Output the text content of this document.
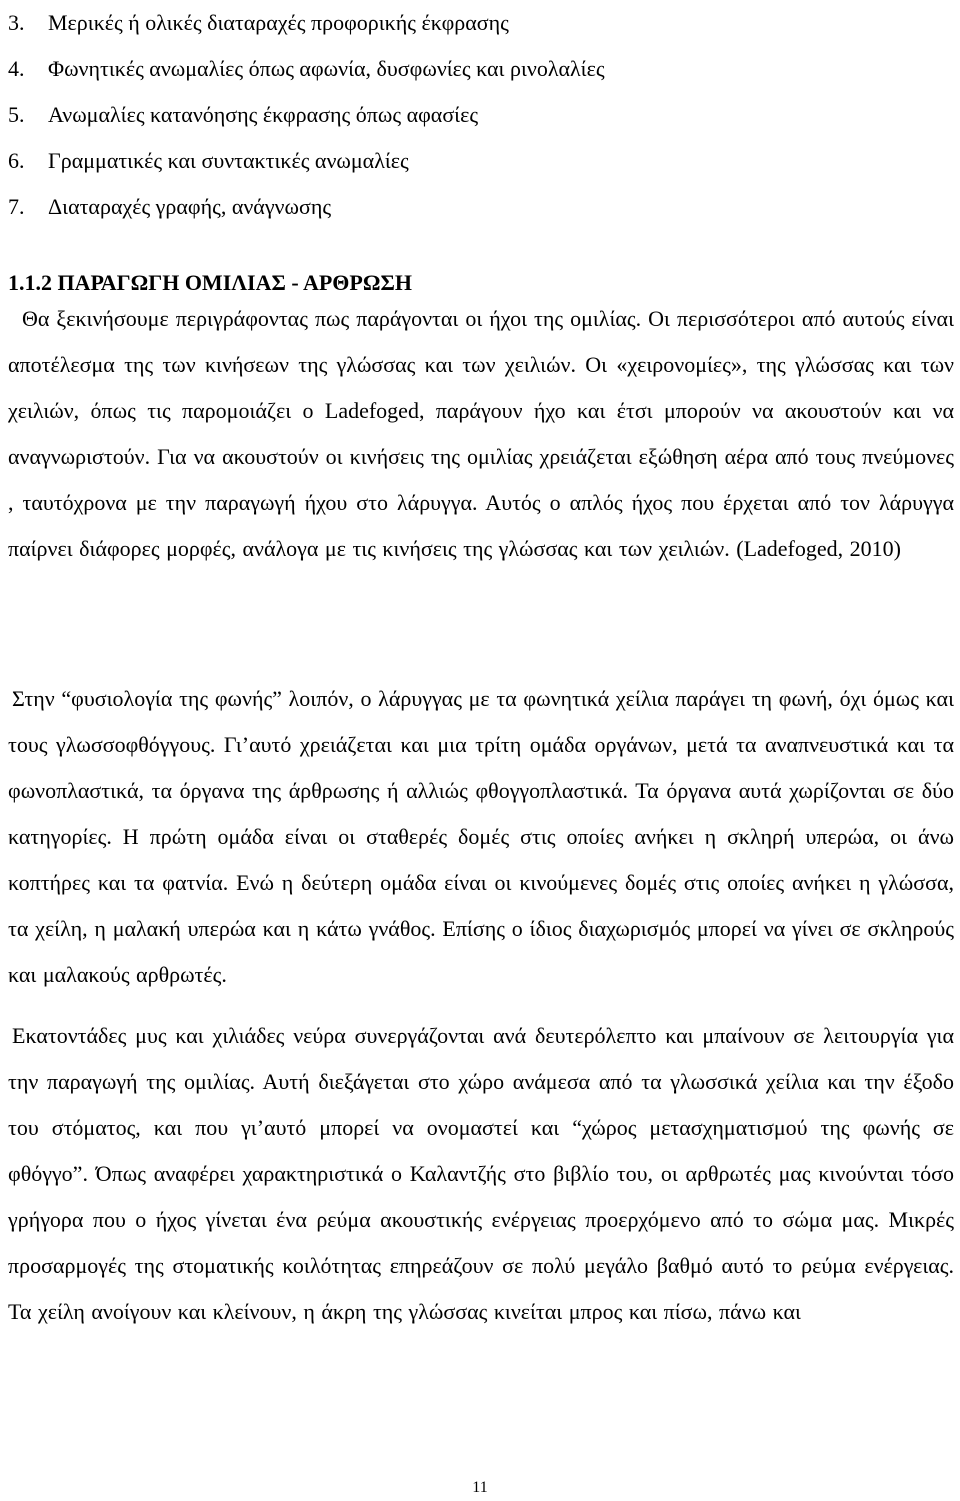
3. Μερικές ή ολικές διαταραχές προφορικής έκφρασης
4. Φωνητικές ανωμαλίες όπως αφωνία, δυσφωνίες και ρινολαλίες
5. Ανωμαλίες κατανόησης έκφρασης όπως αφασίες
6. Γραμματικές και συντακτικές ανωμαλίες
7. Διαταραχές γραφής, ανάγνωσης
1.1.2 ΠΑΡΑΓΩΓΗ ΟΜΙΛΙΑΣ - ΑΡΘΡΩΣΗ

Θα ξεκινήσουμε περιγράφοντας πως παράγονται οι ήχοι της ομιλίας. Οι περισσότεροι από αυτούς είναι αποτέλεσμα της των κινήσεων της γλώσσας και των χειλιών. Οι «χειρονομίες», της γλώσσας και των χειλιών, όπως τις παρομοιάζει ο Ladefoged, παράγουν ήχο και έτσι μπορούν να ακουστούν και να αναγνωριστούν. Για να ακουστούν οι κινήσεις της ομιλίας χρειάζεται εξώθηση αέρα από τους πνεύμονες , ταυτόχρονα με την παραγωγή ήχου στο λάρυγγα. Αυτός ο απλός ήχος που έρχεται από τον λάρυγγα παίρνει διάφορες μορφές, ανάλογα με τις κινήσεις της γλώσσας και των χειλιών. (Ladefoged, 2010)

Στην “φυσιολογία της φωνής” λοιπόν, ο λάρυγγας με τα φωνητικά χείλια παράγει τη φωνή, όχι όμως και τους γλωσσοφθόγγους. Γι’αυτό χρειάζεται και μια τρίτη ομάδα οργάνων, μετά τα αναπνευστικά και τα φωνοπλαστικά, τα όργανα της άρθρωσης ή αλλιώς φθογγοπλαστικά. Τα όργανα αυτά χωρίζονται σε δύο κατηγορίες. Η πρώτη ομάδα είναι οι σταθερές δομές στις οποίες ανήκει η σκληρή υπερώα, οι άνω κοπτήρες και τα φατνία. Ενώ η δεύτερη ομάδα είναι οι κινούμενες δομές στις οποίες ανήκει η γλώσσα, τα χείλη, η μαλακή υπερώα και η κάτω γνάθος. Επίσης ο ίδιος διαχωρισμός μπορεί να γίνει σε σκληρούς και μαλακούς αρθρωτές.

Εκατοντάδες μυς και χιλιάδες νεύρα συνεργάζονται ανά δευτερόλεπτο και μπαίνουν σε λειτουργία για την παραγωγή της ομιλίας. Αυτή διεξάγεται στο χώρο ανάμεσα από τα γλωσσικά χείλια και την έξοδο του στόματος, και που γι’αυτό μπορεί να ονομαστεί και “χώρος μετασχηματισμού της φωνής σε φθόγγο”. Όπως αναφέρει χαρακτηριστικά ο Καλαντζής στο βιβλίο του, οι αρθρωτές μας κινούνται τόσο γρήγορα που ο ήχος γίνεται ένα ρεύμα ακουστικής ενέργειας προερχόμενο από το σώμα μας. Μικρές προσαρμογές της στοματικής κοιλότητας επηρεάζουν σε πολύ μεγάλο βαθμό αυτό το ρεύμα ενέργειας. Τα χείλη ανοίγουν και κλείνουν, η άκρη της γλώσσας κινείται μπρος και πίσω, πάνω και

11
